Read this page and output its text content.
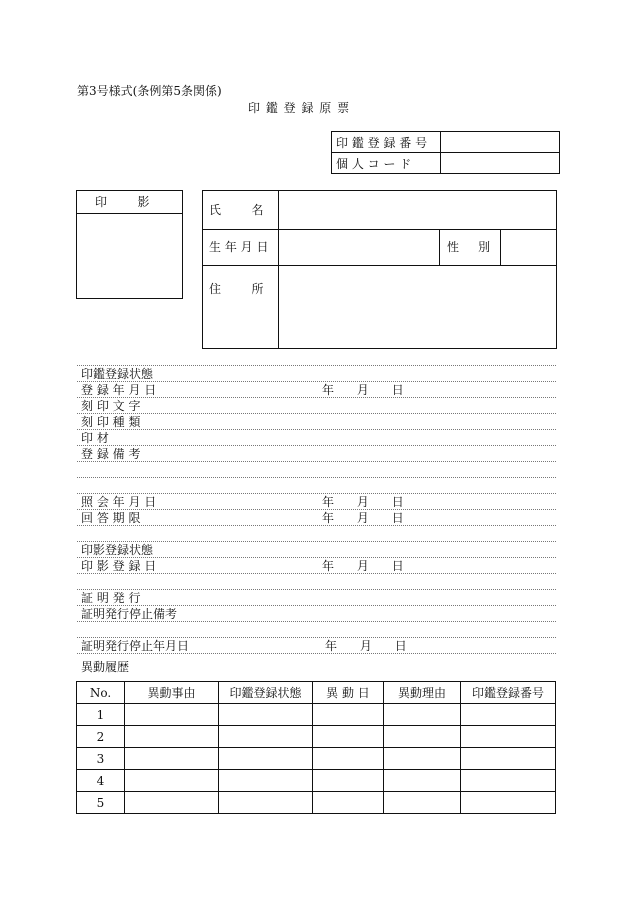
第3号様式(条例第5条関係)
印 鑑 登 録 原 票
印 鑑 登 録 番 号	
個 人 コ ー ド	
印        影
氏        名
生 年 月 日	性     別
住        所
印鑑登録状態
登 録 年 月 日	年      月      日
刻 印 文 字
刻 印 種 類
印 材
登 録 備 考
照 会 年 月 日	年      月      日
回 答 期 限	年      月      日
印影登録状態
印 影 登 録 日	年      月      日
証 明 発 行
証明発行停止備考
証明発行停止年月日	年      月      日
異動履歴
No.	異動事由	印鑑登録状態	異 動 日	異動理由	印鑑登録番号
1					
2					
3					
4					
5					
